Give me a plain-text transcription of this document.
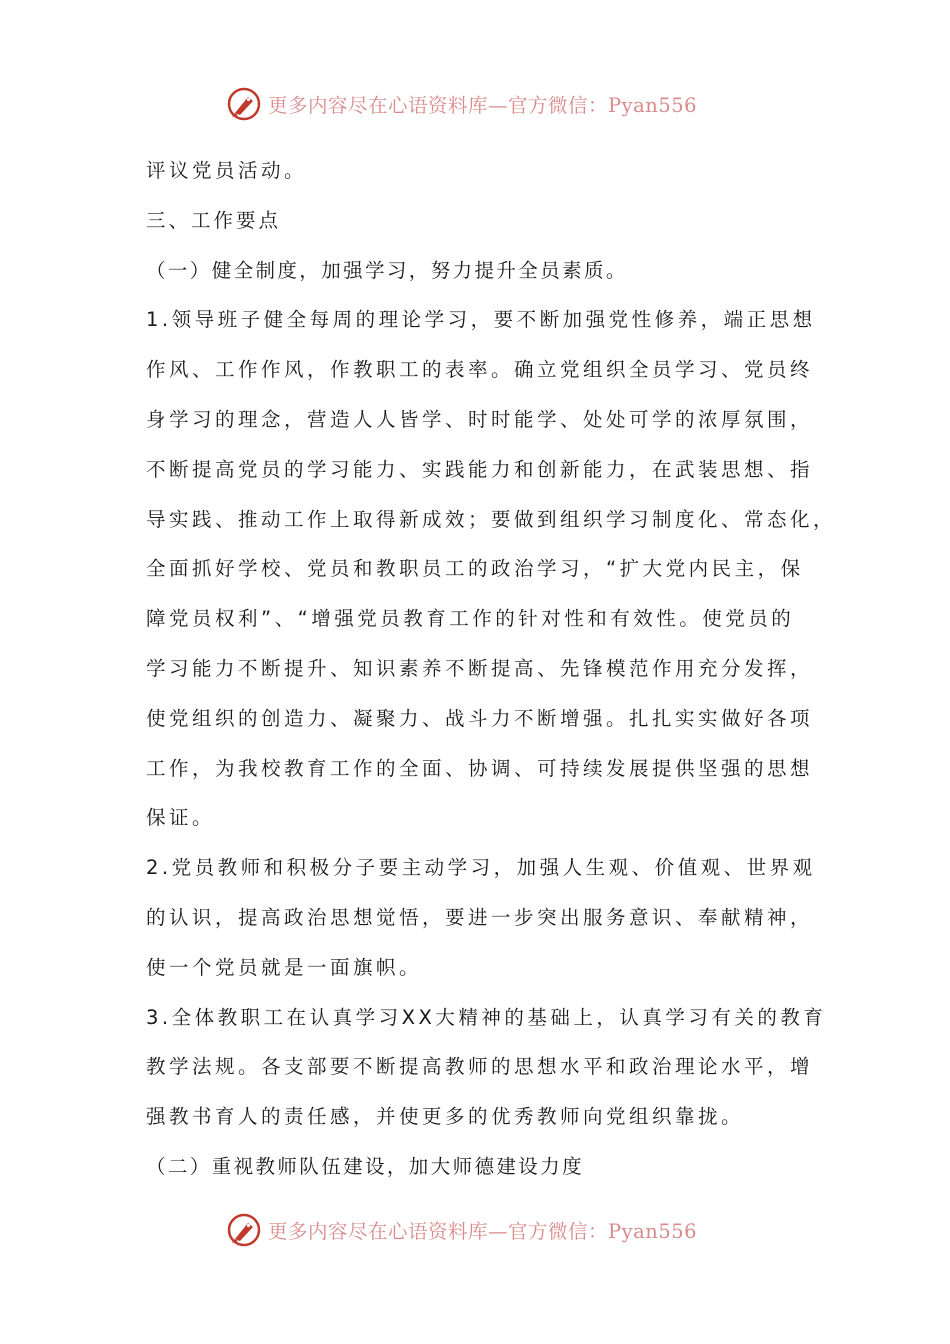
更多内容尽在心语资料库—官方微信：Pyan556
评议党员活动。
三、工作要点
（一）健全制度，加强学习，努力提升全员素质。
1.领导班子健全每周的理论学习，要不断加强党性修养，端正思想
作风、工作作风，作教职工的表率。确立党组织全员学习、党员终
身学习的理念，营造人人皆学、时时能学、处处可学的浓厚氛围，
不断提高党员的学习能力、实践能力和创新能力，在武装思想、指
导实践、推动工作上取得新成效；要做到组织学习制度化、常态化，
全面抓好学校、党员和教职员工的政治学习，“扩大党内民主，保
障党员权利”、“增强党员教育工作的针对性和有效性。使党员的
学习能力不断提升、知识素养不断提高、先锋模范作用充分发挥，
使党组织的创造力、凝聚力、战斗力不断增强。扎扎实实做好各项
工作，为我校教育工作的全面、协调、可持续发展提供坚强的思想
保证。
2.党员教师和积极分子要主动学习，加强人生观、价值观、世界观
的认识，提高政治思想觉悟，要进一步突出服务意识、奉献精神，
使一个党员就是一面旗帜。
3.全体教职工在认真学习XX大精神的基础上，认真学习有关的教育
教学法规。各支部要不断提高教师的思想水平和政治理论水平，增
强教书育人的责任感，并使更多的优秀教师向党组织靠拢。
（二）重视教师队伍建设，加大师德建设力度
更多内容尽在心语资料库—官方微信：Pyan556
